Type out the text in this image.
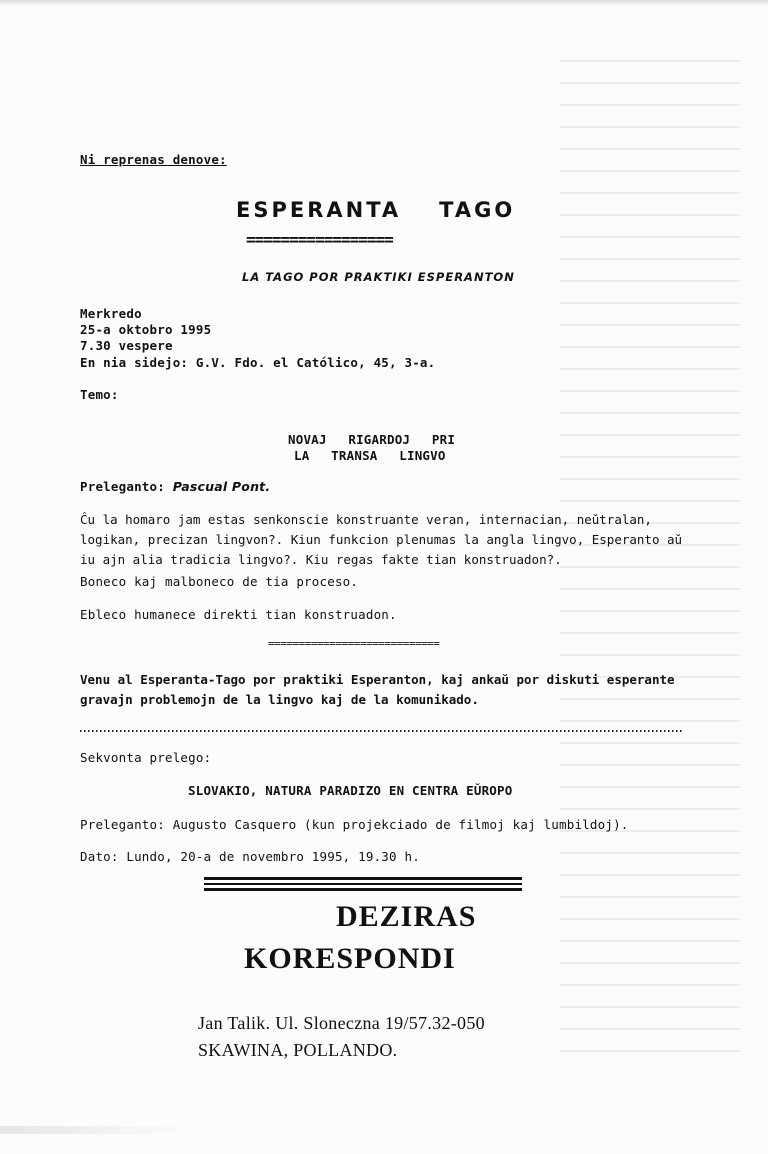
Ni reprenas denove:
ESPERANTA TAGO
=================
LA TAGO POR PRAKTIKI ESPERANTON
Merkredo
25-a oktobro 1995
7.30 vespere
En nia sidejo: G.V. Fdo. el Católico, 45, 3-a.
Temo:
NOVAJ RIGARDOJ PRI
LA TRANSA LINGVO
Prelegantо: Pascual Pont.
Ĉu la homaro jam estas senkonscie konstruante veran, internacian, neŭtralan, logikan, precizan lingvon?. Kiun funkcion plenumas la angla lingvo, Esperanto aŭ iu ajn alia tradicia lingvo?. Kiu regas fakte tian konstruadon?.
Boneco kaj malboneco de tia proceso.
Ebleco humanece direkti tian konstruadon.
============================
Venu al Esperanta-Tago por praktiki Esperanton, kaj ankaŭ por diskuti esperante gravajn problemojn de la lingvo kaj de la komunikado.
Sekvonta prelego:
SLOVAKIO, NATURA PARADIZO EN CENTRA EŬROPO
Prelegantо: Augusto Casquero (kun projekciado de filmoj kaj lumbildoj).
Dato: Lundo, 20-a de novembro 1995, 19.30 h.
DEZIRAS
KORESPONDI
Jan Talik. Ul. Sloneczna 19/57.32-050
SKAWINA, POLLANDO.
